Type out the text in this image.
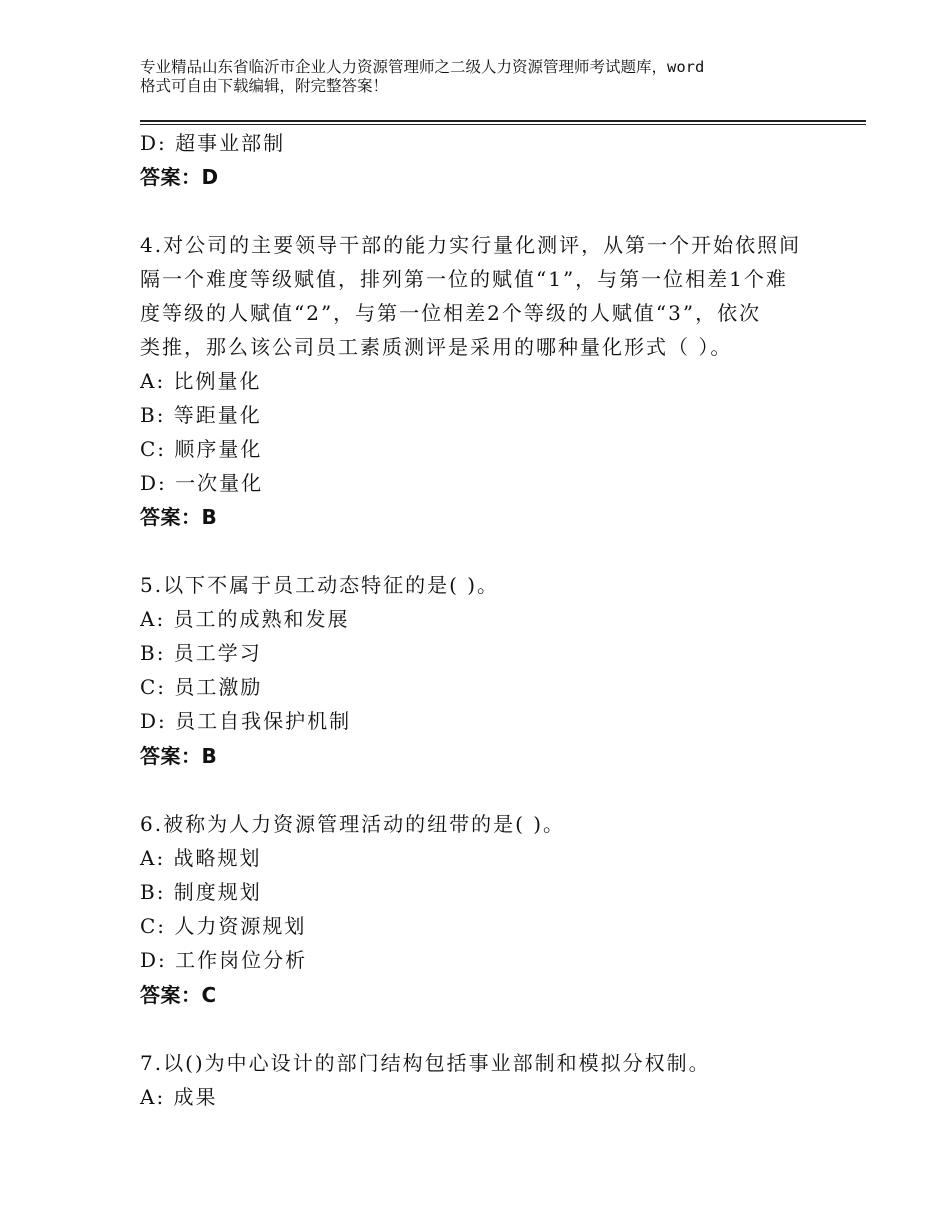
专业精品山东省临沂市企业人力资源管理师之二级人力资源管理师考试题库，word
格式可自由下载编辑，附完整答案！
D: 超事业部制
答案：D
4.对公司的主要领导干部的能力实行量化测评，从第一个开始依照间
隔一个难度等级赋值，排列第一位的赋值“1”，与第一位相差1个难
度等级的人赋值“2”，与第一位相差2个等级的人赋值“3”，依次
类推，那么该公司员工素质测评是采用的哪种量化形式（ ）。
A: 比例量化
B: 等距量化
C: 顺序量化
D: 一次量化
答案：B
5.以下不属于员工动态特征的是( )。
A: 员工的成熟和发展
B: 员工学习
C: 员工激励
D: 员工自我保护机制
答案：B
6.被称为人力资源管理活动的纽带的是( )。
A: 战略规划
B: 制度规划
C: 人力资源规划
D: 工作岗位分析
答案：C
7.以()为中心设计的部门结构包括事业部制和模拟分权制。
A: 成果
